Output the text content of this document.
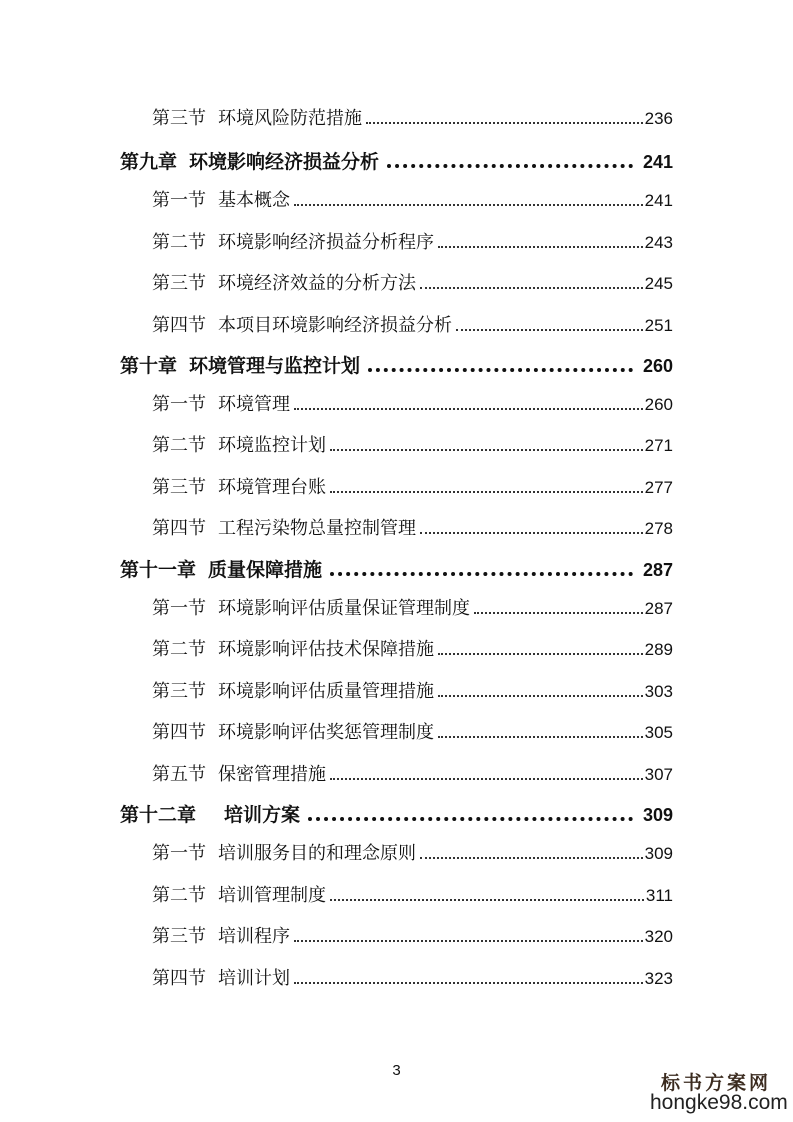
第三节 环境风险防范措施	236
第九章 环境影响经济损益分析	241
第一节 基本概念	241
第二节 环境影响经济损益分析程序	243
第三节 环境经济效益的分析方法	245
第四节 本项目环境影响经济损益分析	251
第十章 环境管理与监控计划	260
第一节 环境管理	260
第二节 环境监控计划	271
第三节 环境管理台账	277
第四节 工程污染物总量控制管理	278
第十一章 质量保障措施	287
第一节 环境影响评估质量保证管理制度	287
第二节 环境影响评估技术保障措施	289
第三节 环境影响评估质量管理措施	303
第四节 环境影响评估奖惩管理制度	305
第五节 保密管理措施	307
第十二章 培训方案	309
第一节 培训服务目的和理念原则	309
第二节 培训管理制度	311
第三节 培训程序	320
第四节 培训计划	323
3
标书方案网
hongke98.com
